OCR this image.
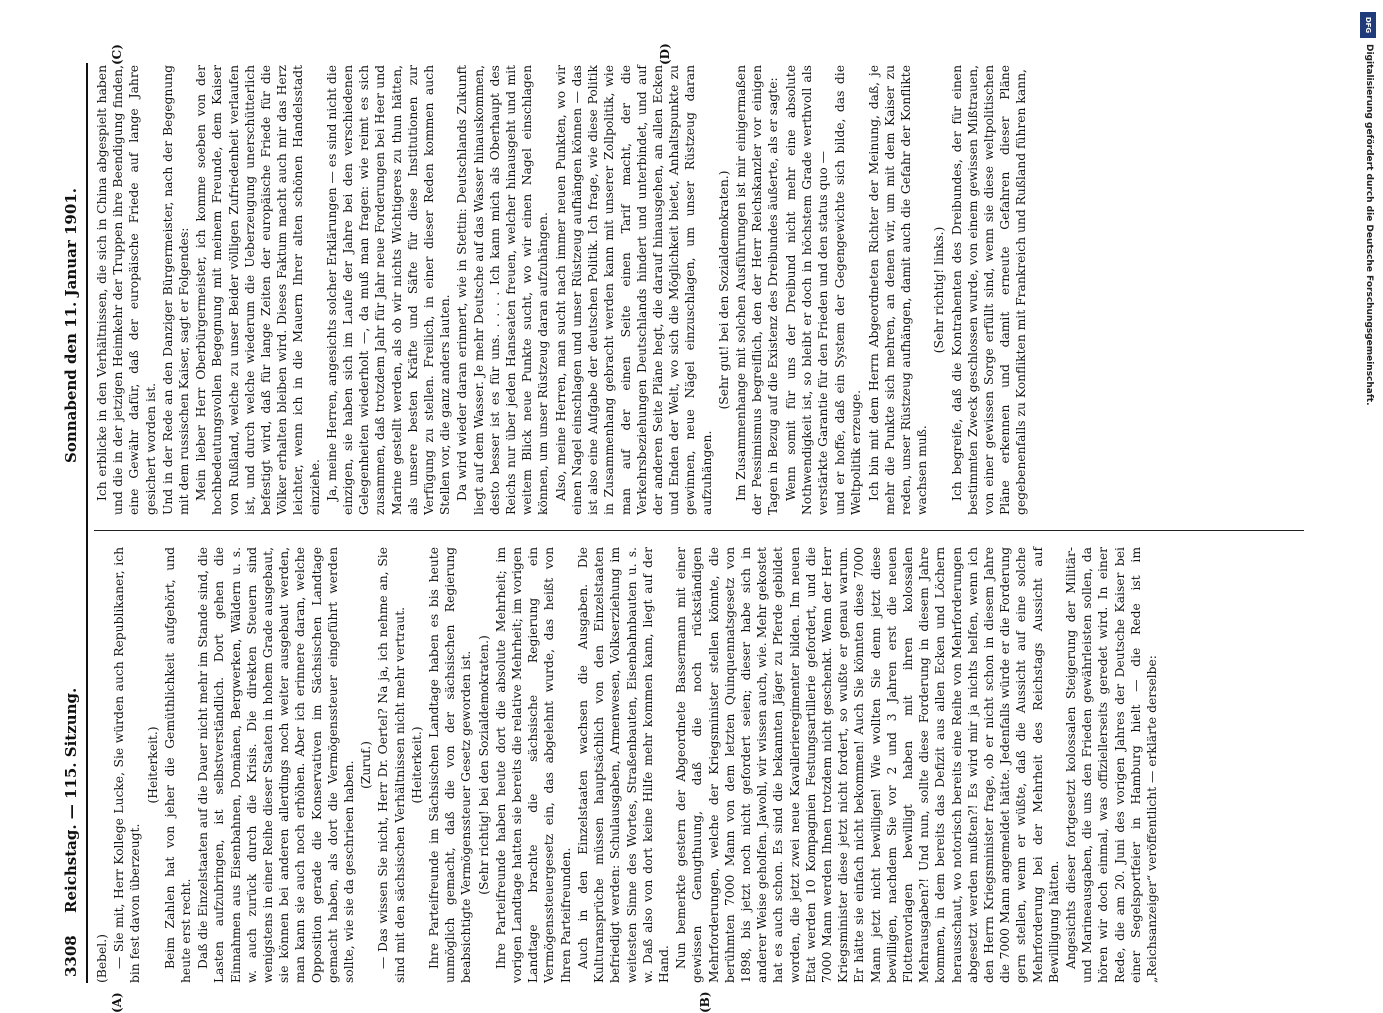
3308
Reichstag. — 115. Sitzung.
Sonnabend den 11. Januar 1901.
(A)	(B)
(C)	(D)

(Bebel.) — Sie mit, Herr Kollege Lucke, Sie würden auch Republikaner, ich bin fest davon überzeugt.

(Heiterkeit.) Beim Zahlen hat von jeher die Gemüthlichkeit aufgehört, und heute erst recht. Daß die Einzelstaaten auf die Dauer nicht mehr im Stande sind, die Lasten aufzubringen, ist selbstverständlich. Dort gehen die Einnahmen aus Eisenbahnen, Domänen, Bergwerken, Wäldern u. s. w. auch zurück durch die Krisis. Die direkten Steuern sind wenigstens in einer Reihe dieser Staaten in hohem Grade ausgebaut, sie können bei anderen allerdings noch weiter ausgebaut werden, man kann sie auch noch erhöhen. Aber ich erinnere daran, welche Opposition gerade die Konservativen im Sächsischen Landtage gemacht haben, als dort die Vermögenssteuer eingeführt werden sollte, wie sie da geschrieen haben. (Zuruf.) — Das wissen Sie nicht, Herr Dr. Oertel? Na ja, ich nehme an, Sie sind mit den sächsischen Verhältnissen nicht mehr vertraut. (Heiterkeit.) Ihre Parteifreunde im Sächsischen Landtage haben es bis heute unmöglich gemacht, daß die von der sächsischen Regierung beabsichtigte Vermögenssteuer Gesetz geworden ist. (Sehr richtig! bei den Sozialdemokraten.) Ihre Parteifreunde haben heute dort die absolute Mehrheit; im vorigen Landtage hatten sie bereits die relative Mehrheit; im vorigen Landtage brachte die sächsische Regierung ein Vermögenssteuergesetz ein, das abgelehnt wurde, das heißt von Ihren Parteifreunden. Auch in den Einzelstaaten wachsen die Ausgaben. Die Kulturansprüche müssen hauptsächlich von den Einzelstaaten befriedigt werden: Schulausgaben, Armenwesen, Volkserziehung im weitesten Sinne des Wortes, Straßenbauten, Eisenbahnbauten u. s. w. Daß also von dort keine Hilfe mehr kommen kann, liegt auf der Hand. Nun bemerkte gestern der Abgeordnete Bassermann mit einer gewissen Genugthuung, daß die noch rückständigen Mehrforderungen, welche der Kriegsminister stellen könnte, die berühmten 7000 Mann von dem letzten Quinquennatsgesetz von 1898, bis jetzt noch nicht gefordert seien; dieser habe sich in anderer Weise geholfen. Jawohl, wir wissen auch, wie. Mehr gekostet hat es auch schon. Es sind die bekannten Jäger zu Pferde gebildet worden, die jetzt zwei neue Kavallerieregimenter bilden. Im neuen Etat werden 10 Kompagnien Festungsartillerie gefordert, und die 7000 Mann werden Ihnen trotzdem nicht geschenkt. Wenn der Herr Kriegsminister diese jetzt nicht fordert, so wußte er genau warum. Er hätte sie einfach nicht bekommen! Auch Sie könnten diese 7000 Mann jetzt nicht bewilligen! Wie wollten Sie denn jetzt diese bewilligen, nachdem Sie vor 2 und 3 Jahren erst die neuen Flottenvorlagen bewilligt haben mit ihren kolossalen Mehrausgaben?! Und nun, sollte diese Forderung in diesem Jahre kommen, in dem bereits das Defizit aus allen Ecken und Löchern herausschaut, wo notorisch bereits eine Reihe von Mehrforderungen abgesetzt werden mußten?! Es wird mir ja nichts helfen, wenn ich den Herrn Kriegsminister frage, ob er nicht schon in diesem Jahre die 7000 Mann angemeldet hätte. Jedenfalls würde er die Forderung gern stellen, wenn er wüßte, daß die Aussicht auf eine solche Mehrforderung bei der Mehrheit des Reichstags Aussicht auf Bewilligung hätten. Angesichts dieser fortgesetzt kolossalen Steigerung der Militär- und Marineausgaben, die uns den Frieden gewährleisten sollen, da hören wir doch einmal, was offiziellerseits geredet wird. In einer Rede, die am 20. Juni des vorigen Jahres der Deutsche Kaiser bei einer Segelsportfeier in Hamburg hielt — die Rede ist im „Reichsanzeiger“ veröffentlicht — erklärte derselbe:

Ich erblicke in den Verhältnissen, die sich in China abgespielt haben und die in der jetzigen Heimkehr der Truppen ihre Beendigung finden, eine Gewähr dafür, daß der europäische Friede auf lange Jahre gesichert worden ist. Und in der Rede an den Danziger Bürgermeister, nach der Begegnung mit dem russischen Kaiser, sagt er Folgendes: Mein lieber Herr Oberbürgermeister, ich komme soeben von der hochbedeutungsvollen Begegnung mit meinem Freunde, dem Kaiser von Rußland, welche zu unser Beider völligen Zufriedenheit verlaufen ist, und durch welche wiederum die Ueberzeugung unerschütterlich befestigt wird, daß für lange Zeiten der europäische Friede für die Völker erhalten bleiben wird. Dieses Faktum macht auch mir das Herz leichter, wenn ich in die Mauern Ihrer alten schönen Handelsstadt einziehe. Ja, meine Herren, angesichts solcher Erklärungen — es sind nicht die einzigen, sie haben sich im Laufe der Jahre bei den verschiedenen Gelegenheiten wiederholt —, da muß man fragen: wie reimt es sich zusammen, daß trotzdem Jahr für Jahr neue Forderungen bei Heer und Marine gestellt werden, als ob wir nichts Wichtigeres zu thun hätten, als unsere besten Kräfte und Säfte für diese Institutionen zur Verfügung zu stellen. Freilich, in einer dieser Reden kommen auch Stellen vor, die ganz anders lauten. Da wird wieder daran erinnert, wie in Stettin: Deutschlands Zukunft liegt auf dem Wasser. Je mehr Deutsche auf das Wasser hinauskommen, desto besser ist es für uns. . . . . Ich kann mich als Oberhaupt des Reichs nur über jeden Hanseaten freuen, welcher hinausgeht und mit weitem Blick neue Punkte sucht, wo wir einen Nagel einschlagen können, um unser Rüstzeug daran aufzuhängen. Also, meine Herren, man sucht nach immer neuen Punkten, wo wir einen Nagel einschlagen und unser Rüstzeug aufhängen können — das ist also eine Aufgabe der deutschen Politik. Ich frage, wie diese Politik in Zusammenhang gebracht werden kann mit unserer Zollpolitik, wie man auf der einen Seite einen Tarif macht, der die Verkehrsbeziehungen Deutschlands hindert und unterbindet, und auf der anderen Seite Pläne hegt, die darauf hinausgehen, an allen Ecken und Enden der Welt, wo sich die Möglichkeit bietet, Anhaltspunkte zu gewinnen, neue Nägel einzuschlagen, um unser Rüstzeug daran aufzuhängen.

(Sehr gut! bei den Sozialdemokraten.) Im Zusammenhange mit solchen Ausführungen ist mir einigermaßen der Pessimismus begreiflich, den der Herr Reichskanzler vor einigen Tagen in Bezug auf die Existenz des Dreibundes äußerte, als er sagte: Wenn somit für uns der Dreibund nicht mehr eine absolute Nothwendigkeit ist, so bleibt er doch in höchstem Grade werthvoll als verstärkte Garantie für den Frieden und den status quo — und er hoffe, daß ein System der Gegengewichte sich bilde, das die Weltpolitik erzeuge. Ich bin mit dem Herrn Abgeordneten Richter der Meinung, daß, je mehr die Punkte sich mehren, an denen wir, um mit dem Kaiser zu reden, unser Rüstzeug aufhängen, damit auch die Gefahr der Konflikte wachsen muß.

(Sehr richtig! links.) Ich begreife, daß die Kontrahenten des Dreibundes, der für einen bestimmten Zweck geschlossen wurde, von einem gewissen Mißtrauen, von einer gewissen Sorge erfüllt sind, wenn sie diese weltpolitischen Pläne erkennen und damit erneute Gefahren dieser Pläne gegebenenfalls zu Konflikten mit Frankreich und Rußland führen kann,

DFG
Digitalisierung gefördert durch die Deutsche Forschungsgemeinschaft.
